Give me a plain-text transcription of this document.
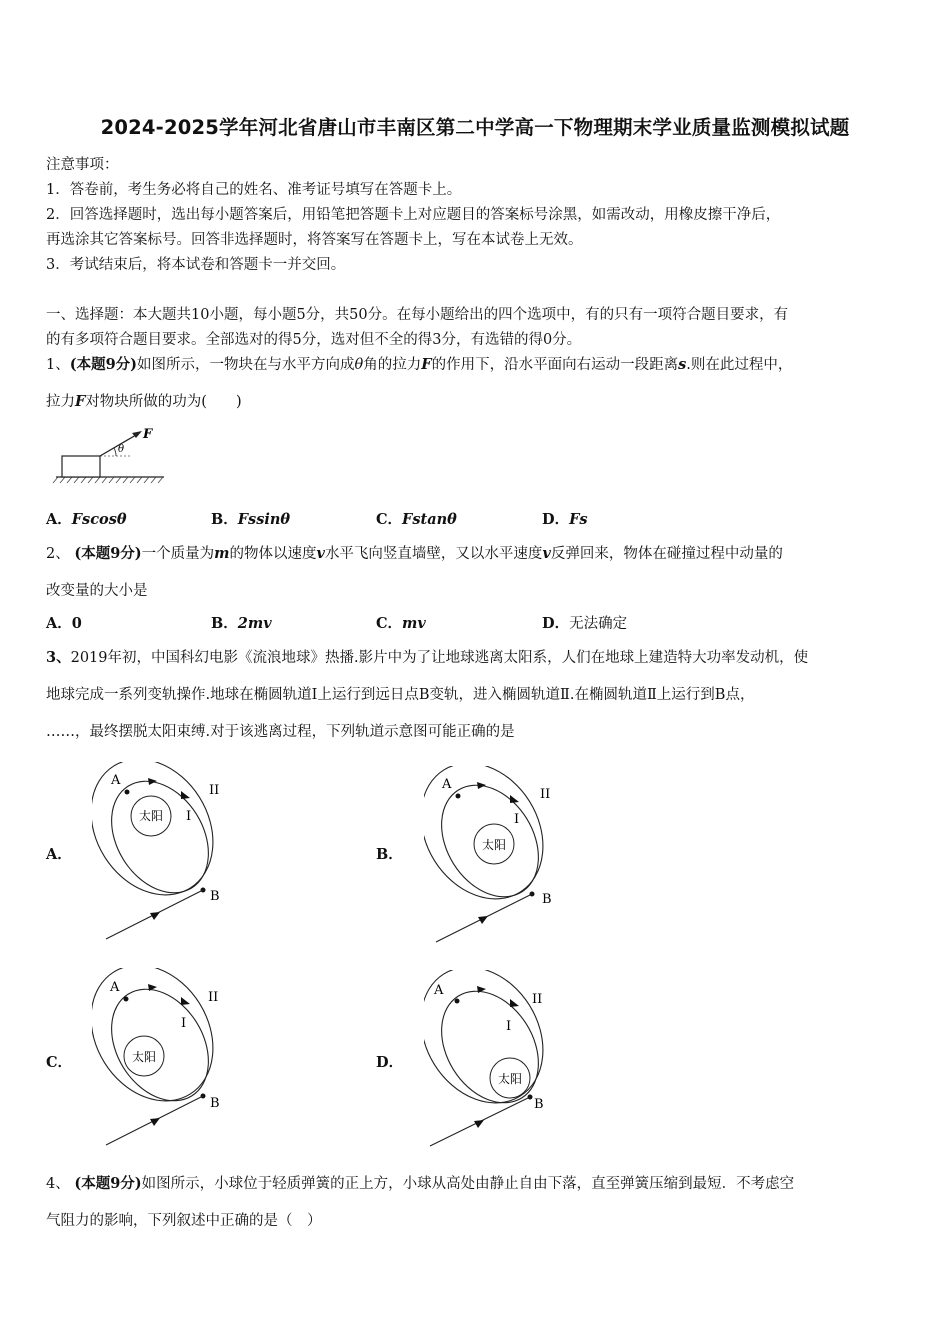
2024-2025学年河北省唐山市丰南区第二中学高一下物理期末学业质量监测模拟试题
注意事项：
1．答卷前，考生务必将自己的姓名、准考证号填写在答题卡上。
2．回答选择题时，选出每小题答案后，用铅笔把答题卡上对应题目的答案标号涂黑，如需改动，用橡皮擦干净后，
再选涂其它答案标号。回答非选择题时，将答案写在答题卡上，写在本试卷上无效。
3．考试结束后，将本试卷和答题卡一并交回。
一、选择题：本大题共10小题，每小题5分，共50分。在每小题给出的四个选项中，有的只有一项符合题目要求，有
的有多项符合题目要求。全部选对的得5分，选对但不全的得3分，有选错的得0分。
1、(本题9分)如图所示，一物块在与水平方向成θ角的拉力F的作用下，沿水平面向右运动一段距离s.则在此过程中，
拉力F对物块所做的功为(　　)
θ
F
A．Fscosθ	B．Fssinθ	C．Fstanθ	D．Fs
2、 (本题9分)一个质量为m的物体以速度v水平飞向竖直墙壁，又以水平速度v反弹回来，物体在碰撞过程中动量的
改变量的大小是
A．0	B．2mv	C．mv	D．无法确定
3、2019年初，中国科幻电影《流浪地球》热播.影片中为了让地球逃离太阳系，人们在地球上建造特大功率发动机，使
地球完成一系列变轨操作.地球在椭圆轨道Ⅰ上运行到远日点B变轨，进入椭圆轨道Ⅱ.在椭圆轨道Ⅱ上运行到B点，
……，最终摆脱太阳束缚.对于该逃离过程，下列轨道示意图可能正确的是
A．	B．
C．	D．
太阳
A
B
I
II
太阳
A
B
I
II
太阳
A
B
I
II
太阳
A
B
I
II
4、 (本题9分)如图所示，小球位于轻质弹簧的正上方，小球从高处由静止自由下落，直至弹簧压缩到最短．不考虑空
气阻力的影响，下列叙述中正确的是（　）
